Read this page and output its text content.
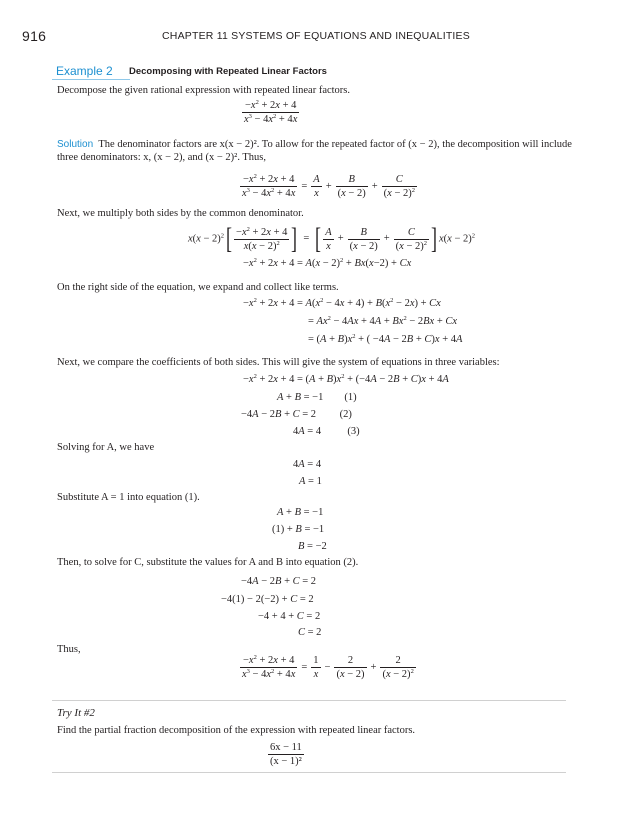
916	CHAPTER 11 SYSTEMS OF EQUATIONS AND INEQUALITIES
Example 2 Decomposing with Repeated Linear Factors
Decompose the given rational expression with repeated linear factors.
$\frac{-x^2 + 2x + 4}{x^3 - 4x^2 + 4x}$
Solution The denominator factors are x(x − 2)². To allow for the repeated factor of (x − 2), the decomposition will include three denominators: x, (x − 2), and (x − 2)². Thus,
$\frac{-x^2 + 2x + 4}{x^3 - 4x^2 + 4x} = \frac{A}{x} + \frac{B}{(x - 2)} + \frac{C}{(x - 2)^2}$
Next, we multiply both sides by the common denominator.
$x(x - 2)^2[ \frac{-x^2 + 2x + 4}{x(x - 2)^2}$ ] = [ $\frac{A}{x} + \frac{B}{(x - 2)} + \frac{C}{(x - 2)^2}$ ] $x(x - 2)^2$
$-x^2 + 2x + 4 = A(x - 2)^2 + Bx(x-2) + Cx$
On the right side of the equation, we expand and collect like terms.
$-x^2 + 2x + 4 = A(x^2 - 4x + 4) + B(x^2 - 2x) + Cx$
= $Ax^2 - 4Ax + 4A + Bx^2 - 2Bx + Cx$
= $(A + B)x^2$ + ( −4A − 2B + C)x + 4A
Next, we compare the coefficients of both sides. This will give the system of equations in three variables:
$-x^2 + 2x + 4 = (A + B)x^2 + (-4A - 2B + C)x + 4A$
A + B = −1        (1)
−4A − 2B + C = 2         (2)
4A = 4          (3)
Solving for A, we have
4A = 4
A = 1
Substitute A = 1 into equation (1).
A + B = −1
(1) + B = −1
B = −2
Then, to solve for C, substitute the values for A and B into equation (2).
−4A − 2B + C = 2
−4(1) − 2(−2) + C = 2
−4 + 4 + C = 2
C = 2
Thus,
$\frac{-x^2 + 2x + 4}{x^3 - 4x^2 + 4x} = \frac{1}{x} - \frac{2}{(x - 2)} + \frac{2}{(x - 2)^2}$
Try It #2
Find the partial fraction decomposition of the expression with repeated linear factors.
$\frac{6x - 11}{\text{(x − 1)²}}$
